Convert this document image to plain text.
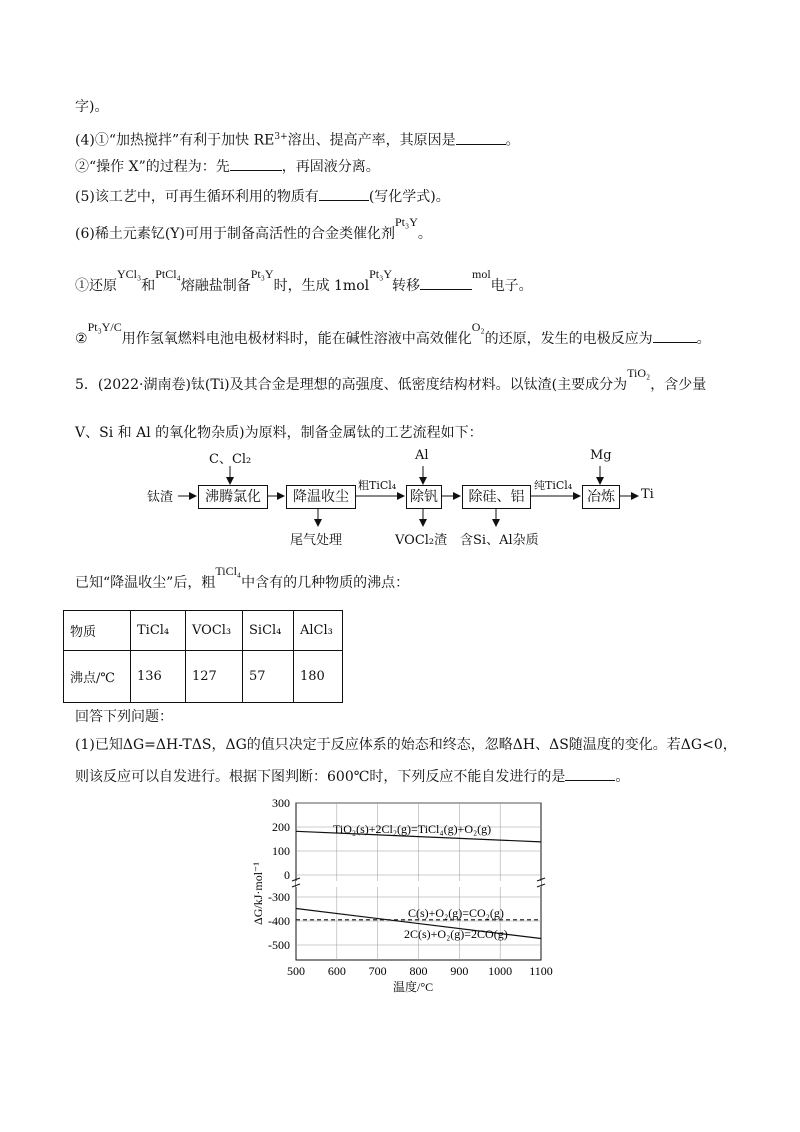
字)。
(4)①“加热搅拌”有利于加快 $RE^{3+}$溶出、提高产率，其原因是	。
②“操作 X”的过程为：先	，再固液分离。
(5)该工艺中，可再生循环利用的物质有	(写化学式)。
(6)稀土元素钇(Y)可用于制备高活性的合金类催化剂Pt₃Y。
①还原YCl₃和PtCl₄熔融盐制备Pt₃Y时，生成 1molPt₃Y转移mol电子。
②Pt₃Y/C用作氢氧燃料电池电极材料时，能在碱性溶液中高效催化O₂的还原，发生的电极反应为	。
5．(2022·湖南卷)钛(Ti)及其合金是理想的高强度、低密度结构材料。以钛渣(主要成分为TiO₂，含少量
V、Si 和 Al 的氧化物杂质)为原料，制备金属钛的工艺流程如下：
钛渣	沸腾氯化	降温收尘	除钒	除硅、铝	冶炼	Ti
C、Cl₂	Al	Mg
粗TiCl₄	纯TiCl₄
尾气处理	VOCl₂渣 含Si、Al杂质
已知“降温收尘”后，粗TiCl₄中含有的几种物质的沸点：
物质	TiCl₄	VOCl₃	SiCl₄	AlCl₃
沸点/℃	136	127	57	180
回答下列问题：
(1)已知ΔG=ΔH-TΔS，ΔG的值只决定于反应体系的始态和终态，忽略ΔH、ΔS随温度的变化。若ΔG<0，
则该反应可以自发进行。根据下图判断：600℃时，下列反应不能自发进行的是	。
TiO₂(s)+2Cl₂(g)=TiCl₄(g)+O₂(g)
C(s)+O₂(g)=CO₂(g)
2C(s)+O₂(g)=2CO(g)
500 600 700 800 900 1000 1100
300
200
100
0
-300
-400
-500
温度/°C
ΔG/kJ·mol⁻¹
